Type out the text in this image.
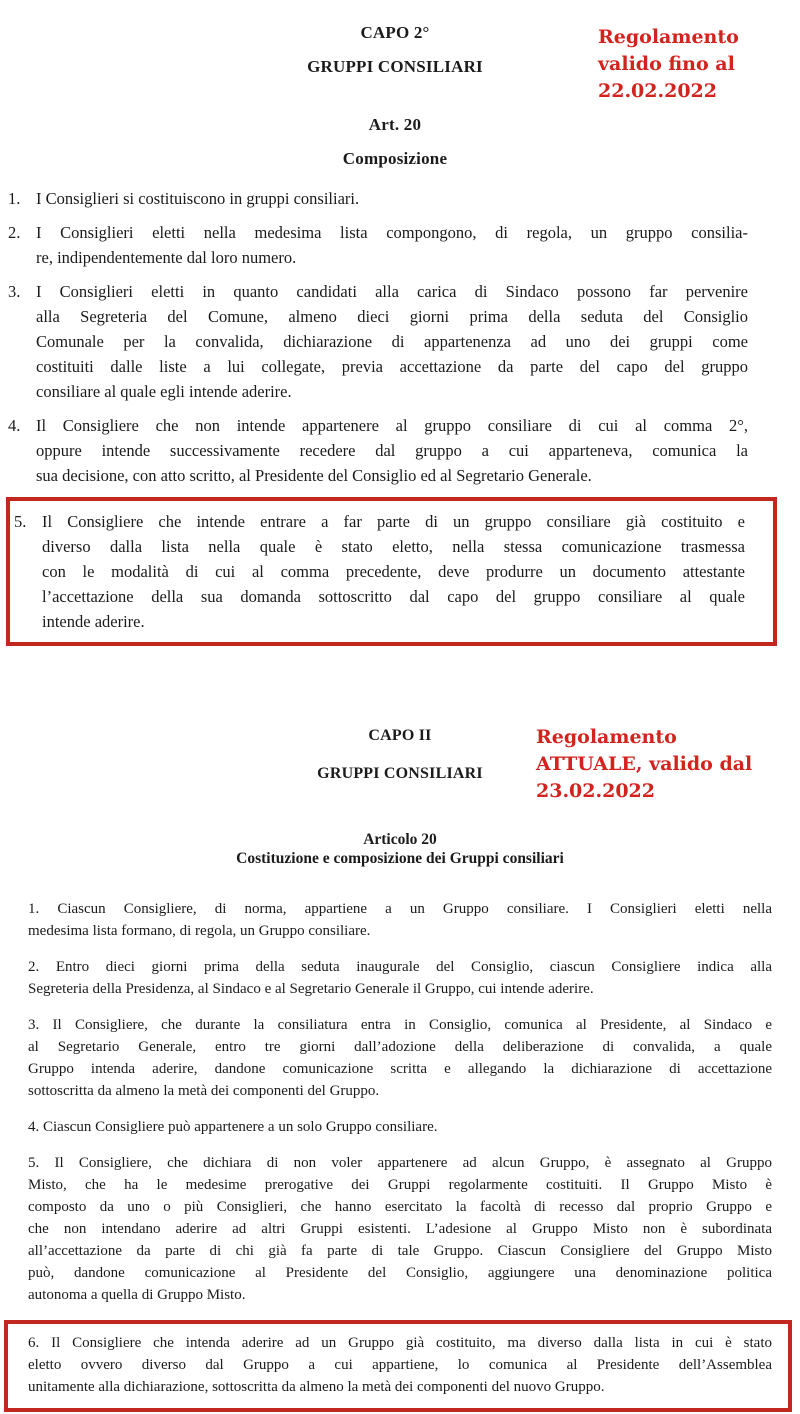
CAPO 2°
GRUPPI CONSILIARI
Art. 20
Composizione
Regolamento
valido fino al
22.02.2022
1. I Consiglieri si costituiscono in gruppi consiliari.
2. I Consiglieri eletti nella medesima lista compongono, di regola, un gruppo consilia-
re, indipendentemente dal loro numero.
3. I Consiglieri eletti in quanto candidati alla carica di Sindaco possono far pervenire
alla Segreteria del Comune, almeno dieci giorni prima della seduta del Consiglio
Comunale per la convalida, dichiarazione di appartenenza ad uno dei gruppi come
costituiti dalle liste a lui collegate, previa accettazione da parte del capo del gruppo
consiliare al quale egli intende aderire.
4. Il Consigliere che non intende appartenere al gruppo consiliare di cui al comma 2°,
oppure intende successivamente recedere dal gruppo a cui apparteneva, comunica la
sua decisione, con atto scritto, al Presidente del Consiglio ed al Segretario Generale.
5. Il Consigliere che intende entrare a far parte di un gruppo consiliare già costituito e
diverso dalla lista nella quale è stato eletto, nella stessa comunicazione trasmessa
con le modalità di cui al comma precedente, deve produrre un documento attestante
l’accettazione della sua domanda sottoscritto dal capo del gruppo consiliare al quale
intende aderire.
CAPO II
GRUPPI CONSILIARI
Articolo 20
Costituzione e composizione dei Gruppi consiliari
1. Ciascun Consigliere, di norma, appartiene a un Gruppo consiliare. I Consiglieri eletti nella
medesima lista formano, di regola, un Gruppo consiliare.
2. Entro dieci giorni prima della seduta inaugurale del Consiglio, ciascun Consigliere indica alla
Segreteria della Presidenza, al Sindaco e al Segretario Generale il Gruppo, cui intende aderire.
3. Il Consigliere, che durante la consiliatura entra in Consiglio, comunica al Presidente, al Sindaco e
al Segretario Generale, entro tre giorni dall’adozione della deliberazione di convalida, a quale
Gruppo intenda aderire, dandone comunicazione scritta e allegando la dichiarazione di accettazione
sottoscritta da almeno la metà dei componenti del Gruppo.
4. Ciascun Consigliere può appartenere a un solo Gruppo consiliare.
5. Il Consigliere, che dichiara di non voler appartenere ad alcun Gruppo, è assegnato al Gruppo
Misto, che ha le medesime prerogative dei Gruppi regolarmente costituiti. Il Gruppo Misto è
composto da uno o più Consiglieri, che hanno esercitato la facoltà di recesso dal proprio Gruppo e
che non intendano aderire ad altri Gruppi esistenti. L’adesione al Gruppo Misto non è subordinata
all’accettazione da parte di chi già fa parte di tale Gruppo. Ciascun Consigliere del Gruppo Misto
può, dandone comunicazione al Presidente del Consiglio, aggiungere una denominazione politica
autonoma a quella di Gruppo Misto.
6. Il Consigliere che intenda aderire ad un Gruppo già costituito, ma diverso dalla lista in cui è stato
eletto ovvero diverso dal Gruppo a cui appartiene, lo comunica al Presidente dell’Assemblea
unitamente alla dichiarazione, sottoscritta da almeno la metà dei componenti del nuovo Gruppo.
Regolamento
ATTUALE, valido dal
23.02.2022
